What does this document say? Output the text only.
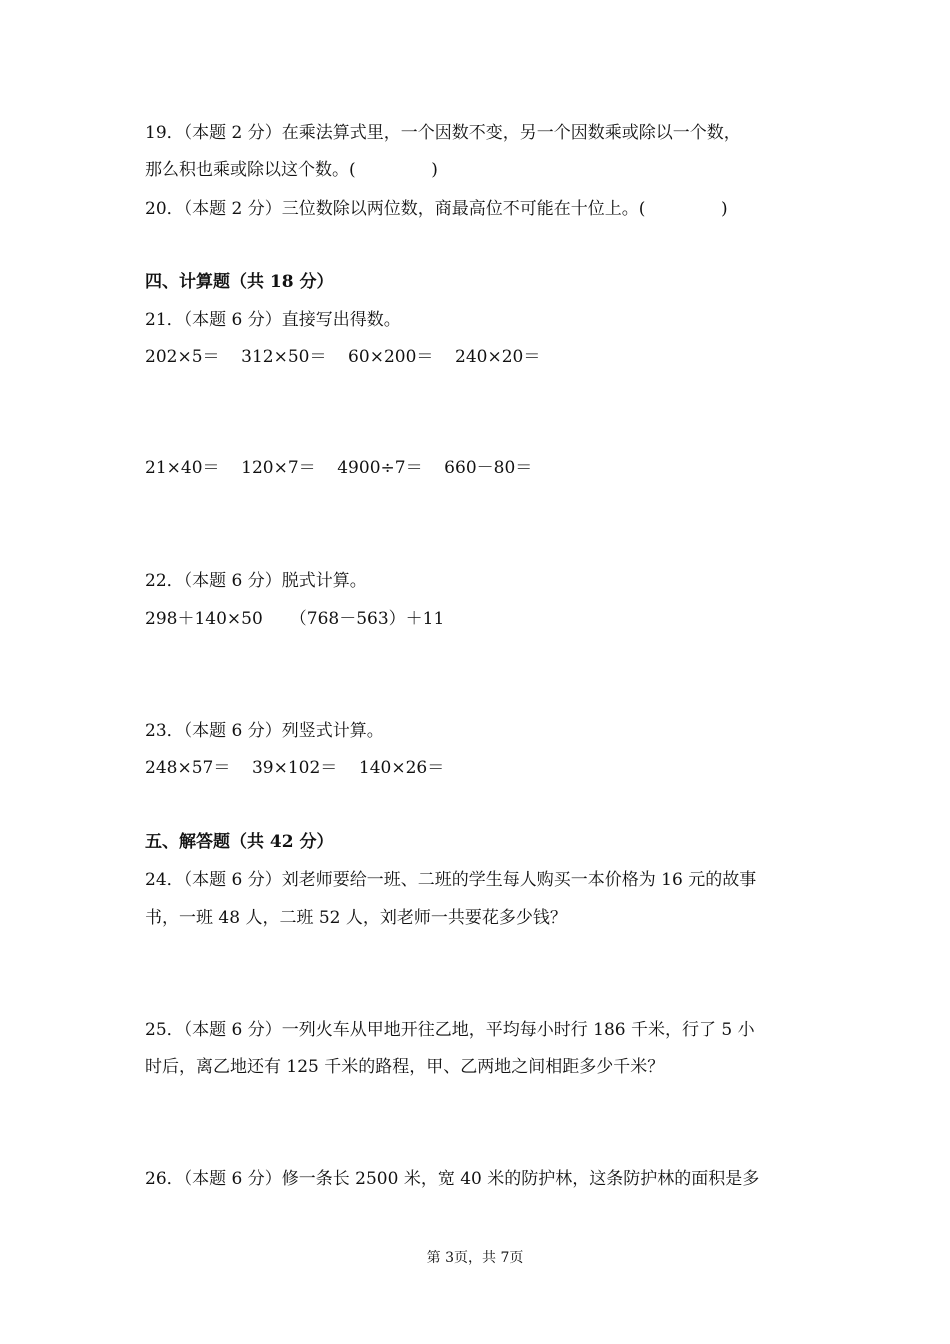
19．（本题 2 分）在乘法算式里，一个因数不变，另一个因数乘或除以一个数，
那么积也乘或除以这个数。(              )
20．（本题 2 分）三位数除以两位数，商最高位不可能在十位上。(              )
四、计算题（共 18 分）
21．（本题 6 分）直接写出得数。
202×5＝    312×50＝    60×200＝    240×20＝
21×40＝    120×7＝    4900÷7＝    660－80＝
22．（本题 6 分）脱式计算。
298＋140×50     （768－563）＋11
23．（本题 6 分）列竖式计算。
248×57＝    39×102＝    140×26＝
五、解答题（共 42 分）
24．（本题 6 分）刘老师要给一班、二班的学生每人购买一本价格为 16 元的故事
书，一班 48 人，二班 52 人，刘老师一共要花多少钱？
25．（本题 6 分）一列火车从甲地开往乙地，平均每小时行 186 千米，行了 5 小
时后，离乙地还有 125 千米的路程，甲、乙两地之间相距多少千米？
26．（本题 6 分）修一条长 2500 米，宽 40 米的防护林，这条防护林的面积是多
第 3页，共 7页
